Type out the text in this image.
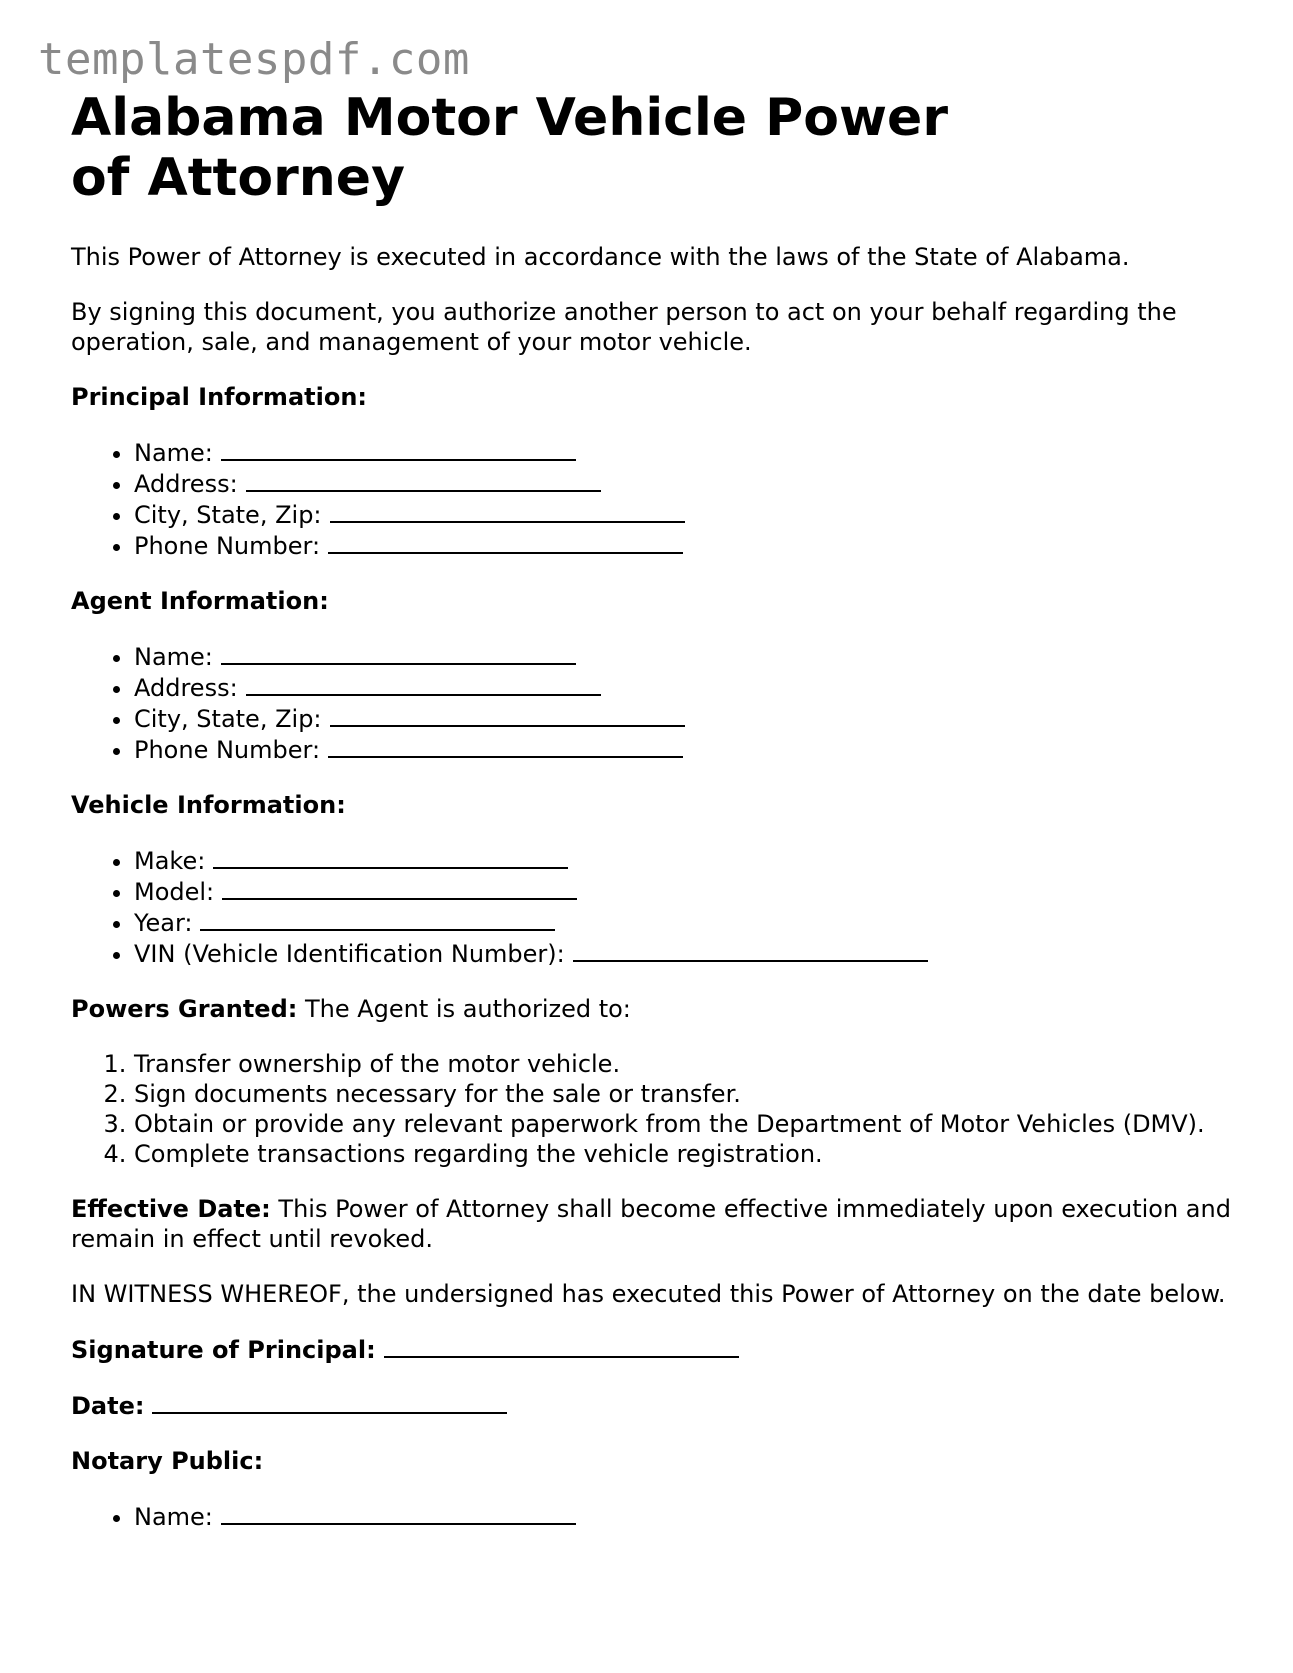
templatespdf.com
Alabama Motor Vehicle Power of Attorney

This Power of Attorney is executed in accordance with the laws of the State of Alabama.

By signing this document, you authorize another person to act on your behalf regarding the operation, sale, and management of your motor vehicle.

Principal Information:

• Name:
• Address:
• City, State, Zip:
• Phone Number:

Agent Information:

• Name:
• Address:
• City, State, Zip:
• Phone Number:

Vehicle Information:

• Make:
• Model:
• Year:
• VIN (Vehicle Identification Number):

Powers Granted: The Agent is authorized to:

1. Transfer ownership of the motor vehicle.
2. Sign documents necessary for the sale or transfer.
3. Obtain or provide any relevant paperwork from the Department of Motor Vehicles (DMV).
4. Complete transactions regarding the vehicle registration.

Effective Date: This Power of Attorney shall become effective immediately upon execution and remain in effect until revoked.

IN WITNESS WHEREOF, the undersigned has executed this Power of Attorney on the date below.

Signature of Principal:

Date:

Notary Public:

• Name:
